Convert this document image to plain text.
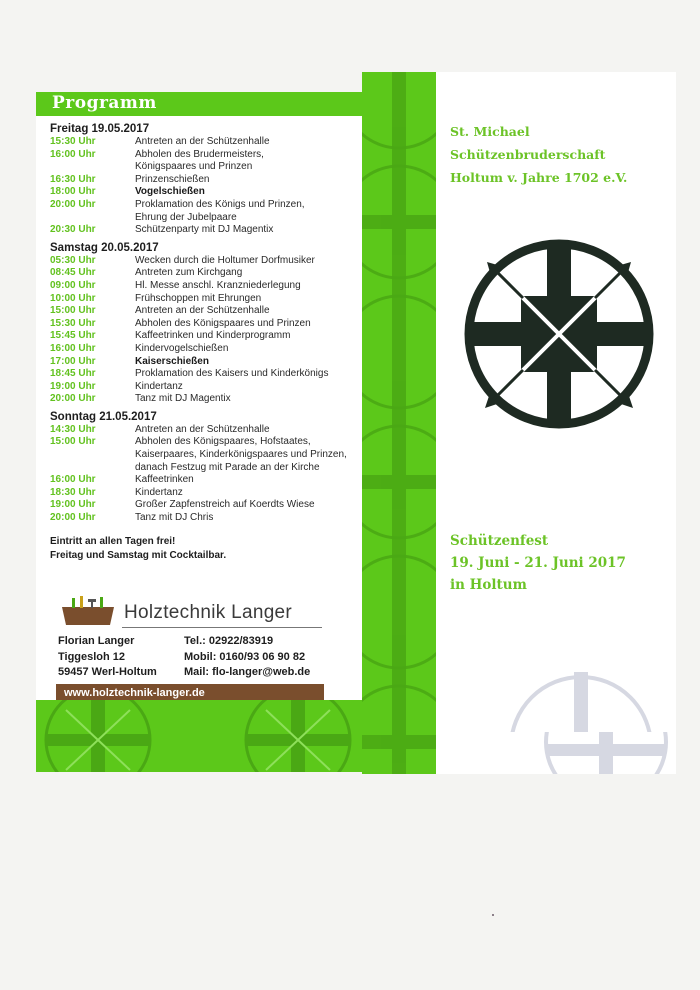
Programm
Freitag 19.05.2017
15:30 Uhr	Antreten an der Schützenhalle
16:00 Uhr	Abholen des Brudermeisters,
Königspaares und Prinzen
16:30 Uhr	Prinzenschießen
18:00 Uhr	Vogelschießen
20:00 Uhr	Proklamation des Königs und Prinzen,
Ehrung der Jubelpaare
20:30 Uhr	Schützenparty mit DJ Magentix
Samstag 20.05.2017
05:30 Uhr	Wecken durch die Holtumer Dorfmusiker
08:45 Uhr	Antreten zum Kirchgang
09:00 Uhr	Hl. Messe anschl. Kranzniederlegung
10:00 Uhr	Frühschoppen mit Ehrungen
15:00 Uhr	Antreten an der Schützenhalle
15:30 Uhr	Abholen des Königspaares und Prinzen
15:45 Uhr	Kaffeetrinken und Kinderprogramm
16:00 Uhr	Kindervogelschießen
17:00 Uhr	Kaiserschießen
18:45 Uhr	Proklamation des Kaisers und Kinderkönigs
19:00 Uhr	Kindertanz
20:00 Uhr	Tanz mit DJ Magentix
Sonntag 21.05.2017
14:30 Uhr	Antreten an der Schützenhalle
15:00 Uhr	Abholen des Königspaares, Hofstaates,
Kaiserpaares, Kinderkönigspaares und Prinzen,
danach Festzug mit Parade an der Kirche
16:00 Uhr	Kaffeetrinken
18:30 Uhr	Kindertanz
19:00 Uhr	Großer Zapfenstreich auf Koerdts Wiese
20:00 Uhr	Tanz mit DJ Chris
Eintritt an allen Tagen frei!
Freitag und Samstag mit Cocktailbar.
Holztechnik Langer
Florian Langer
Tiggesloh 12
59457 Werl-Holtum
Tel.: 02922/83919
Mobil: 0160/93 06 90 82
Mail: flo-langer@web.de
www.holztechnik-langer.de
St. Michael
Schützenbruderschaft
Holtum v. Jahre 1702 e.V.
Schützenfest
19. Juni - 21. Juni 2017
in Holtum
